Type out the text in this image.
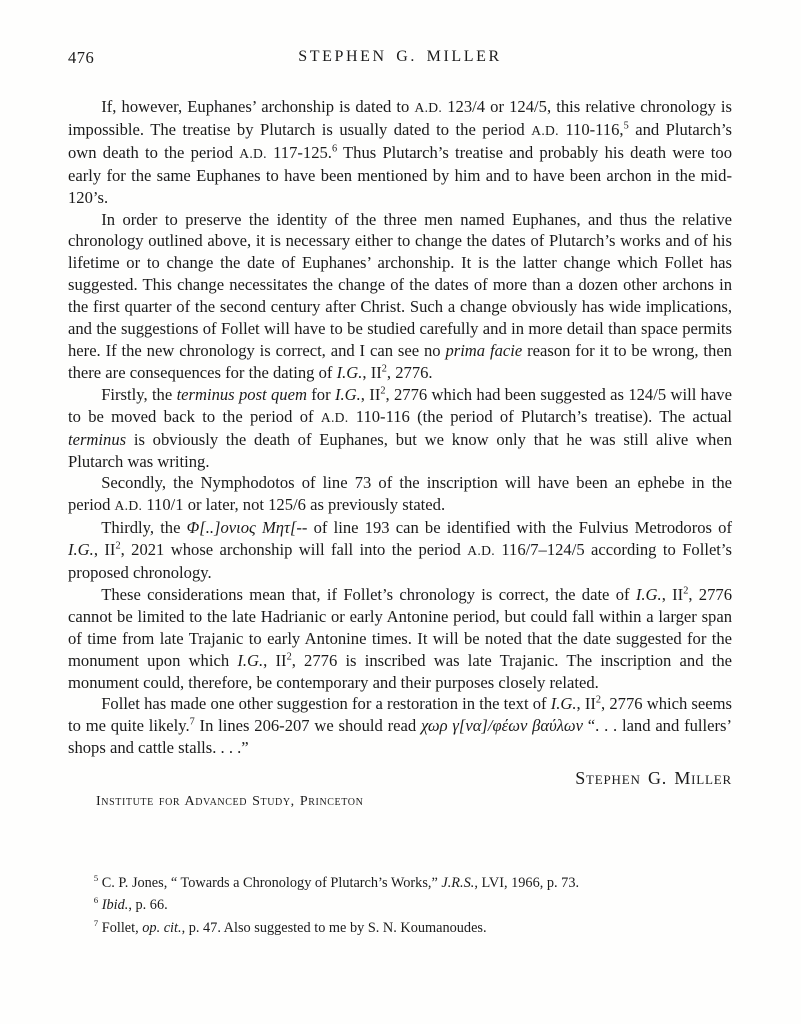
476	STEPHEN G. MILLER

If, however, Euphanes’ archonship is dated to A.D. 123/4 or 124/5, this relative chronology is impossible. The treatise by Plutarch is usually dated to the period A.D. 110-116,$^5$ and Plutarch’s own death to the period A.D. 117-125.$^6$ Thus Plutarch’s treatise and probably his death were too early for the same Euphanes to have been mentioned by him and to have been archon in the mid-120’s.

In order to preserve the identity of the three men named Euphanes, and thus the relative chronology outlined above, it is necessary either to change the dates of Plutarch’s works and of his lifetime or to change the date of Euphanes’ archonship. It is the latter change which Follet has suggested. This change necessitates the change of the dates of more than a dozen other archons in the first quarter of the second century after Christ. Such a change obviously has wide implications, and the suggestions of Follet will have to be studied carefully and in more detail than space permits here. If the new chronology is correct, and I can see no prima facie reason for it to be wrong, then there are consequences for the dating of I.G., $II^2$, 2776.

Firstly, the terminus post quem for I.G., $II^2$, 2776 which had been suggested as 124/5 will have to be moved back to the period of A.D. 110-116 (the period of Plutarch’s treatise). The actual terminus is obviously the death of Euphanes, but we know only that he was still alive when Plutarch was writing.

Secondly, the Nymphodotos of line 73 of the inscription will have been an ephebe in the period A.D. 110/1 or later, not 125/6 as previously stated.

Thirdly, the Φ[..]ονιος Μητ[-- of line 193 can be identified with the Fulvius Metrodoros of I.G., $II^2$, 2021 whose archonship will fall into the period A.D. 116/7–124/5 according to Follet’s proposed chronology.

These considerations mean that, if Follet’s chronology is correct, the date of I.G., $II^2$, 2776 cannot be limited to the late Hadrianic or early Antonine period, but could fall within a larger span of time from late Trajanic to early Antonine times. It will be noted that the date suggested for the monument upon which I.G., $II^2$, 2776 is inscribed was late Trajanic. The inscription and the monument could, therefore, be contemporary and their purposes closely related.

Follet has made one other suggestion for a restoration in the text of I.G., $II^2$, 2776 which seems to me quite likely.$^7$ In lines 206-207 we should read χωρ γ[να]/φέων βαύλων “. . . land and fullers’ shops and cattle stalls. . . .”

Stephen G. Miller
Institute for Advanced Study, Princeton

$^5$ C. P. Jones, “ Towards a Chronology of Plutarch’s Works,” J.R.S., LVI, 1966, p. 73.

$^6$ Ibid., p. 66.

$^7$ Follet, op. cit., p. 47. Also suggested to me by S. N. Koumanoudes.
